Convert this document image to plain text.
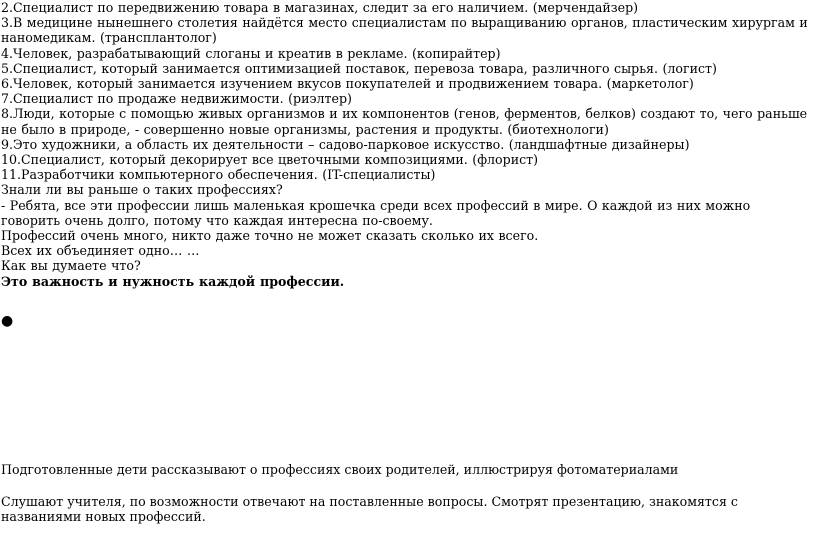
2.Специалист по передвижению товара в магазинах, следит за его наличием. (мерчендайзер)
3.В медицине нынешнего столетия найдётся место специалистам по выращиванию органов, пластическим хирургам и наномедикам. (трансплантолог)
4.Человек, разрабатывающий слоганы и креатив в рекламе. (копирайтер)
5.Специалист, который занимается оптимизацией поставок, перевоза товара, различного сырья. (логист)
6.Человек, который занимается изучением вкусов покупателей и продвижением товара. (маркетолог)
7.Специалист по продаже недвижимости. (риэлтер)
8.Люди, которые с помощью живых организмов и их компонентов (генов, ферментов, белков) создают то, чего раньше не было в природе, - совершенно новые организмы, растения и продукты. (биотехнологи)
9.Это художники, а область их деятельности – садово-парковое искусство. (ландшафтные дизайнеры)
10.Специалист, который декорирует все цветочными композициями. (флорист)
11.Разработчики компьютерного обеспечения. (IT-специалисты)
Знали ли вы раньше о таких профессиях?
- Ребята, все эти профессии лишь маленькая крошечка среди всех профессий в мире. О каждой из них можно говорить очень долго, потому что каждая интересна по-своему.
Профессий очень много, никто даже точно не может сказать сколько их всего.
Всех их объединяет одно… …
Как вы думаете что?
Это важность и нужность каждой профессии.
●
Подготовленные дети рассказывают о профессиях своих родителей, иллюстрируя фотоматериалами
Слушают учителя, по возможности отвечают на поставленные вопросы. Смотрят презентацию, знакомятся с названиями новых профессий.
